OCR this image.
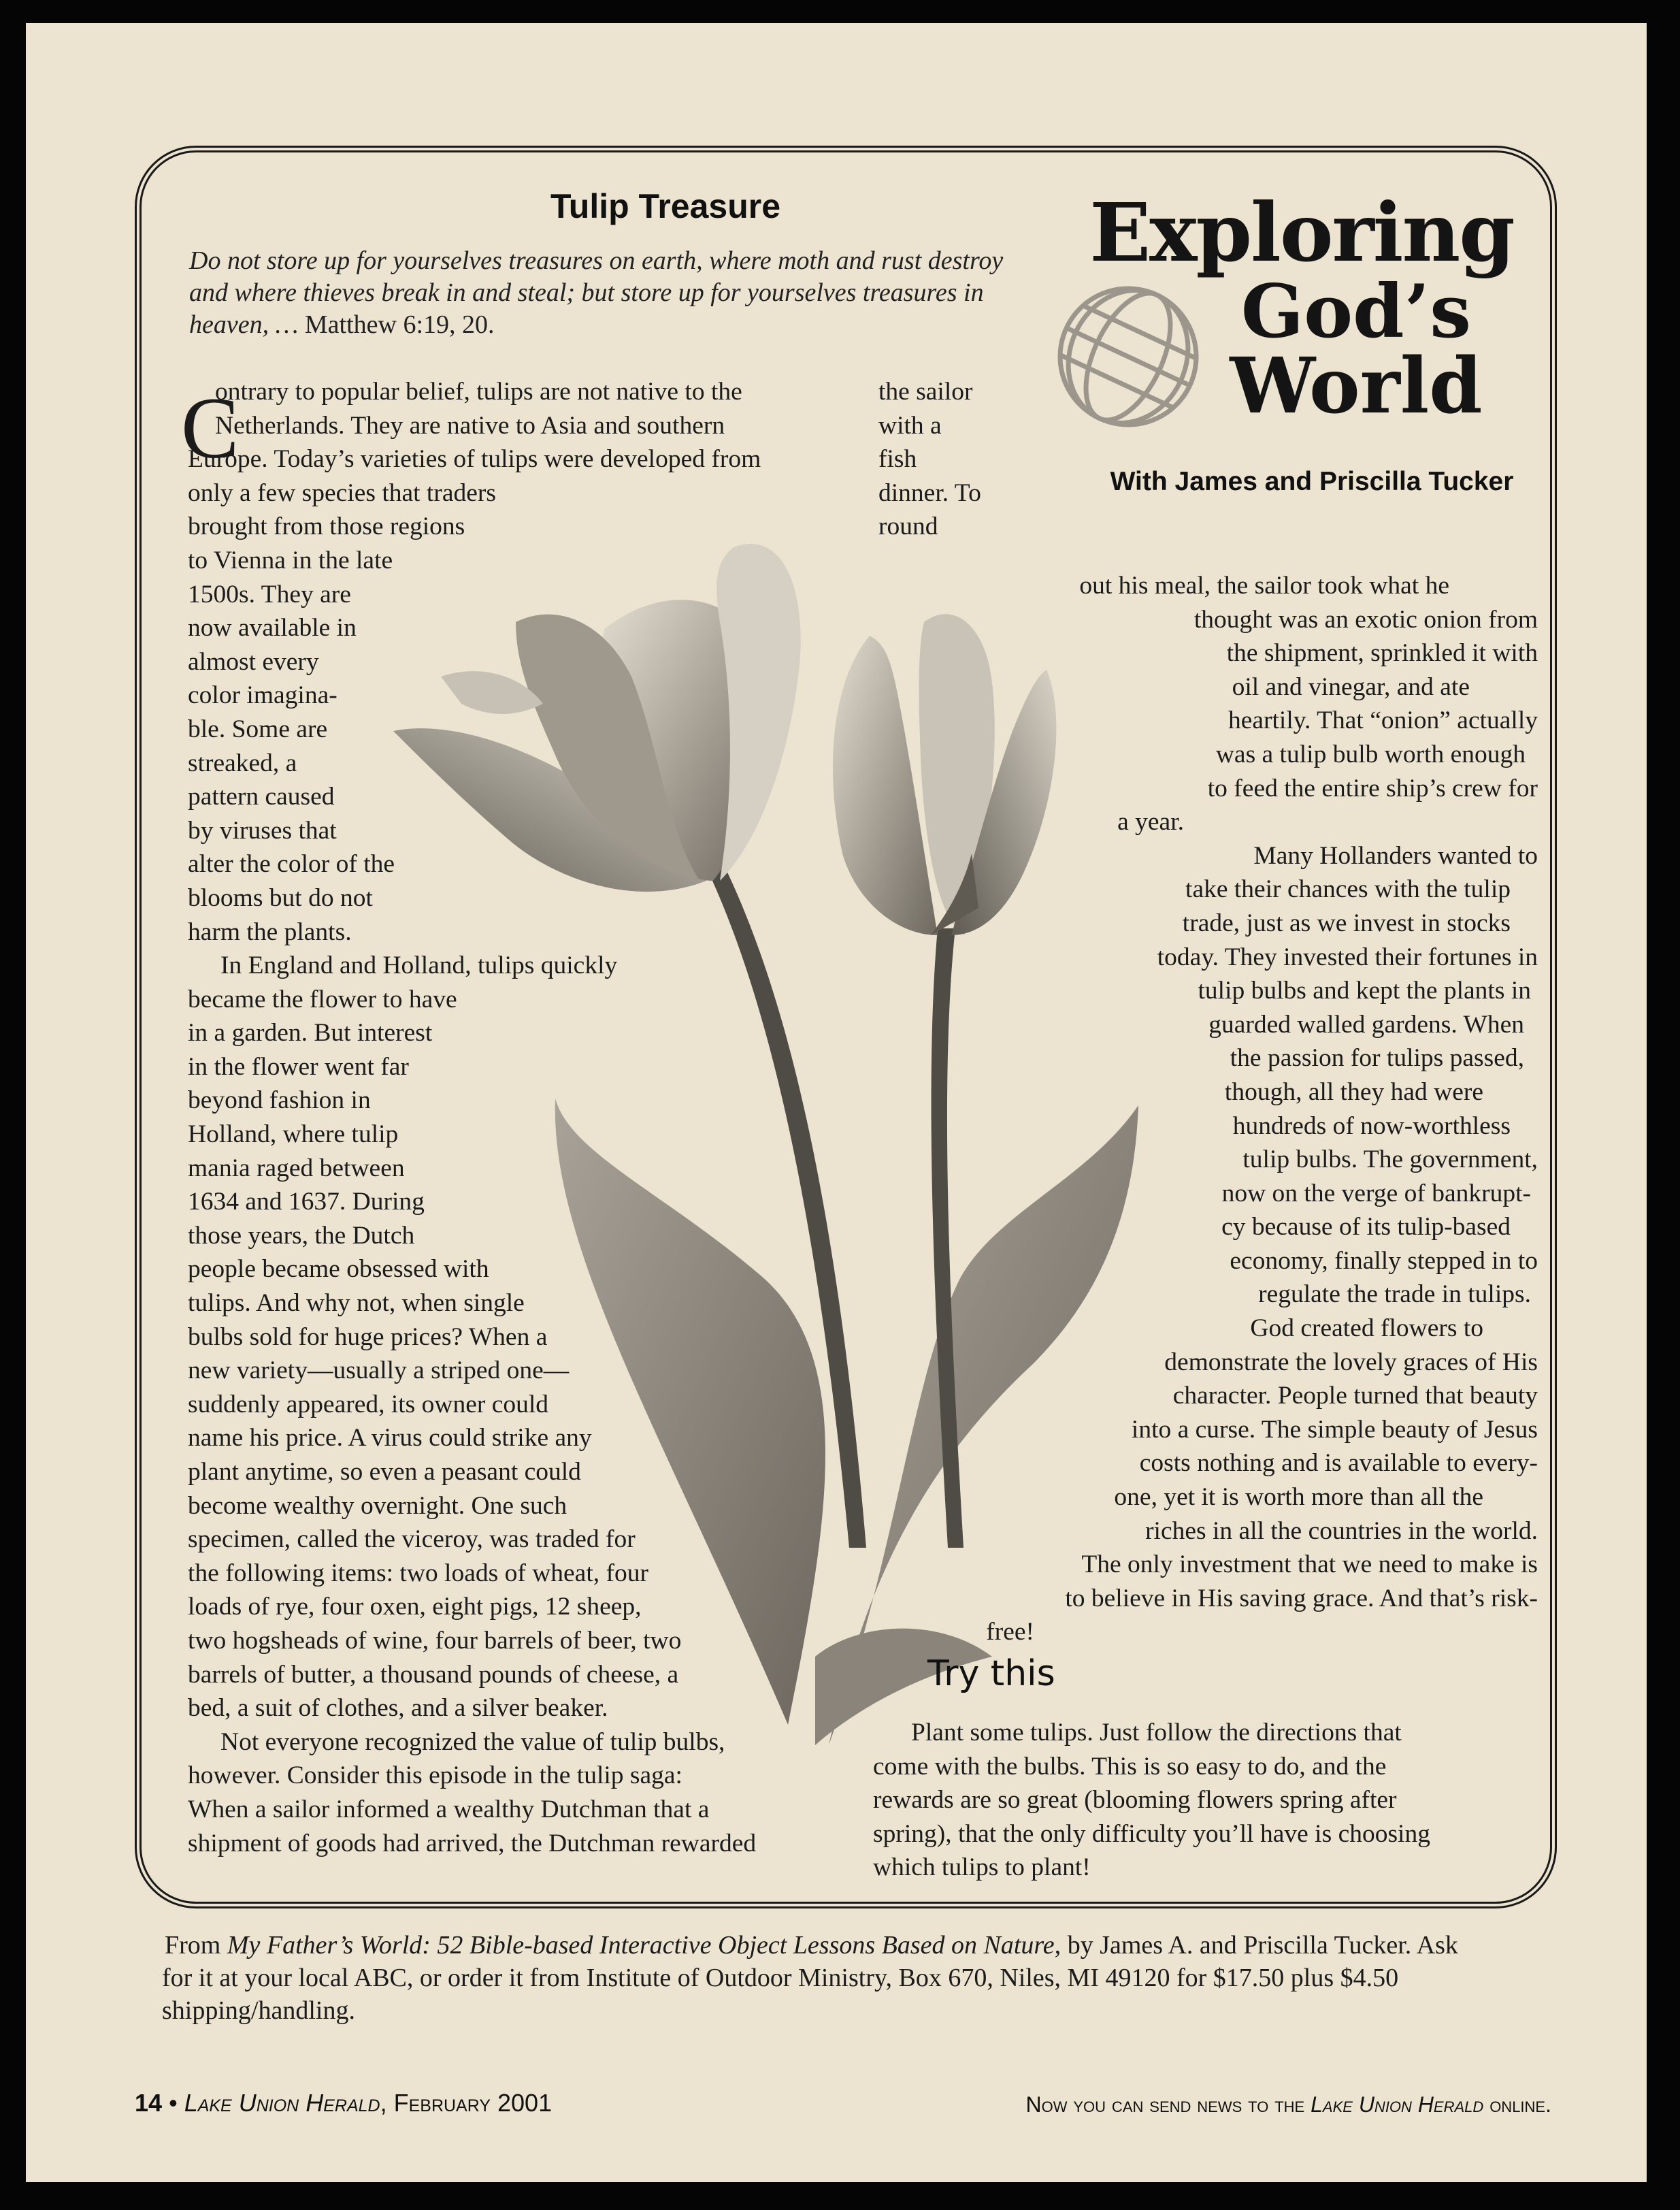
Tulip Treasure
Do not store up for yourselves treasures on earth, where moth and rust destroy and where thieves break in and steal; but store up for yourselves treasures in heaven, … Matthew 6:19, 20.
C
ontrary to popular belief, tulips are not native to the
Netherlands. They are native to Asia and southern
Europe. Today’s varieties of tulips were developed from
only a few species that traders
brought from those regions
to Vienna in the late
1500s. They are
now available in
almost every
color imagina-
ble. Some are
streaked, a
pattern caused
by viruses that
alter the color of the
blooms but do not
harm the plants.
In England and Holland, tulips quickly
became the flower to have
in a garden. But interest
in the flower went far
beyond fashion in
Holland, where tulip
mania raged between
1634 and 1637. During
those years, the Dutch
people became obsessed with
tulips. And why not, when single
bulbs sold for huge prices? When a
new variety—usually a striped one—
suddenly appeared, its owner could
name his price. A virus could strike any
plant anytime, so even a peasant could
become wealthy overnight. One such
specimen, called the viceroy, was traded for
the following items: two loads of wheat, four
loads of rye, four oxen, eight pigs, 12 sheep,
two hogsheads of wine, four barrels of beer, two
barrels of butter, a thousand pounds of cheese, a
bed, a suit of clothes, and a silver beaker.
Not everyone recognized the value of tulip bulbs,
however. Consider this episode in the tulip saga:
When a sailor informed a wealthy Dutchman that a
shipment of goods had arrived, the Dutchman rewarded
the sailor
with a
fish
dinner. To
round
Exploring
God’s
World
With James and Priscilla Tucker
out his meal, the sailor took what he
thought was an exotic onion from
the shipment, sprinkled it with
oil and vinegar, and ate
heartily. That “onion” actually
was a tulip bulb worth enough
to feed the entire ship’s crew for
a year.
Many Hollanders wanted to
take their chances with the tulip
trade, just as we invest in stocks
today. They invested their fortunes in
tulip bulbs and kept the plants in
guarded walled gardens. When
the passion for tulips passed,
though, all they had were
hundreds of now-worthless
tulip bulbs. The government,
now on the verge of bankrupt-
cy because of its tulip-based
economy, finally stepped in to
regulate the trade in tulips.
God created flowers to
demonstrate the lovely graces of His
character. People turned that beauty
into a curse. The simple beauty of Jesus
costs nothing and is available to every-
one, yet it is worth more than all the
riches in all the countries in the world.
The only investment that we need to make is
to believe in His saving grace. And that’s risk-
free!
Try this
Plant some tulips. Just follow the directions that
come with the bulbs. This is so easy to do, and the
rewards are so great (blooming flowers spring after
spring), that the only difficulty you’ll have is choosing
which tulips to plant!
From My Father’s World: 52 Bible-based Interactive Object Lessons Based on Nature, by James A. and Priscilla Tucker. Ask
for it at your local ABC, or order it from Institute of Outdoor Ministry, Box 670, Niles, MI 49120 for $17.50 plus $4.50
shipping/handling.
14 • Lake Union Herald, February 2001	Now you can send news to the Lake Union Herald online.
